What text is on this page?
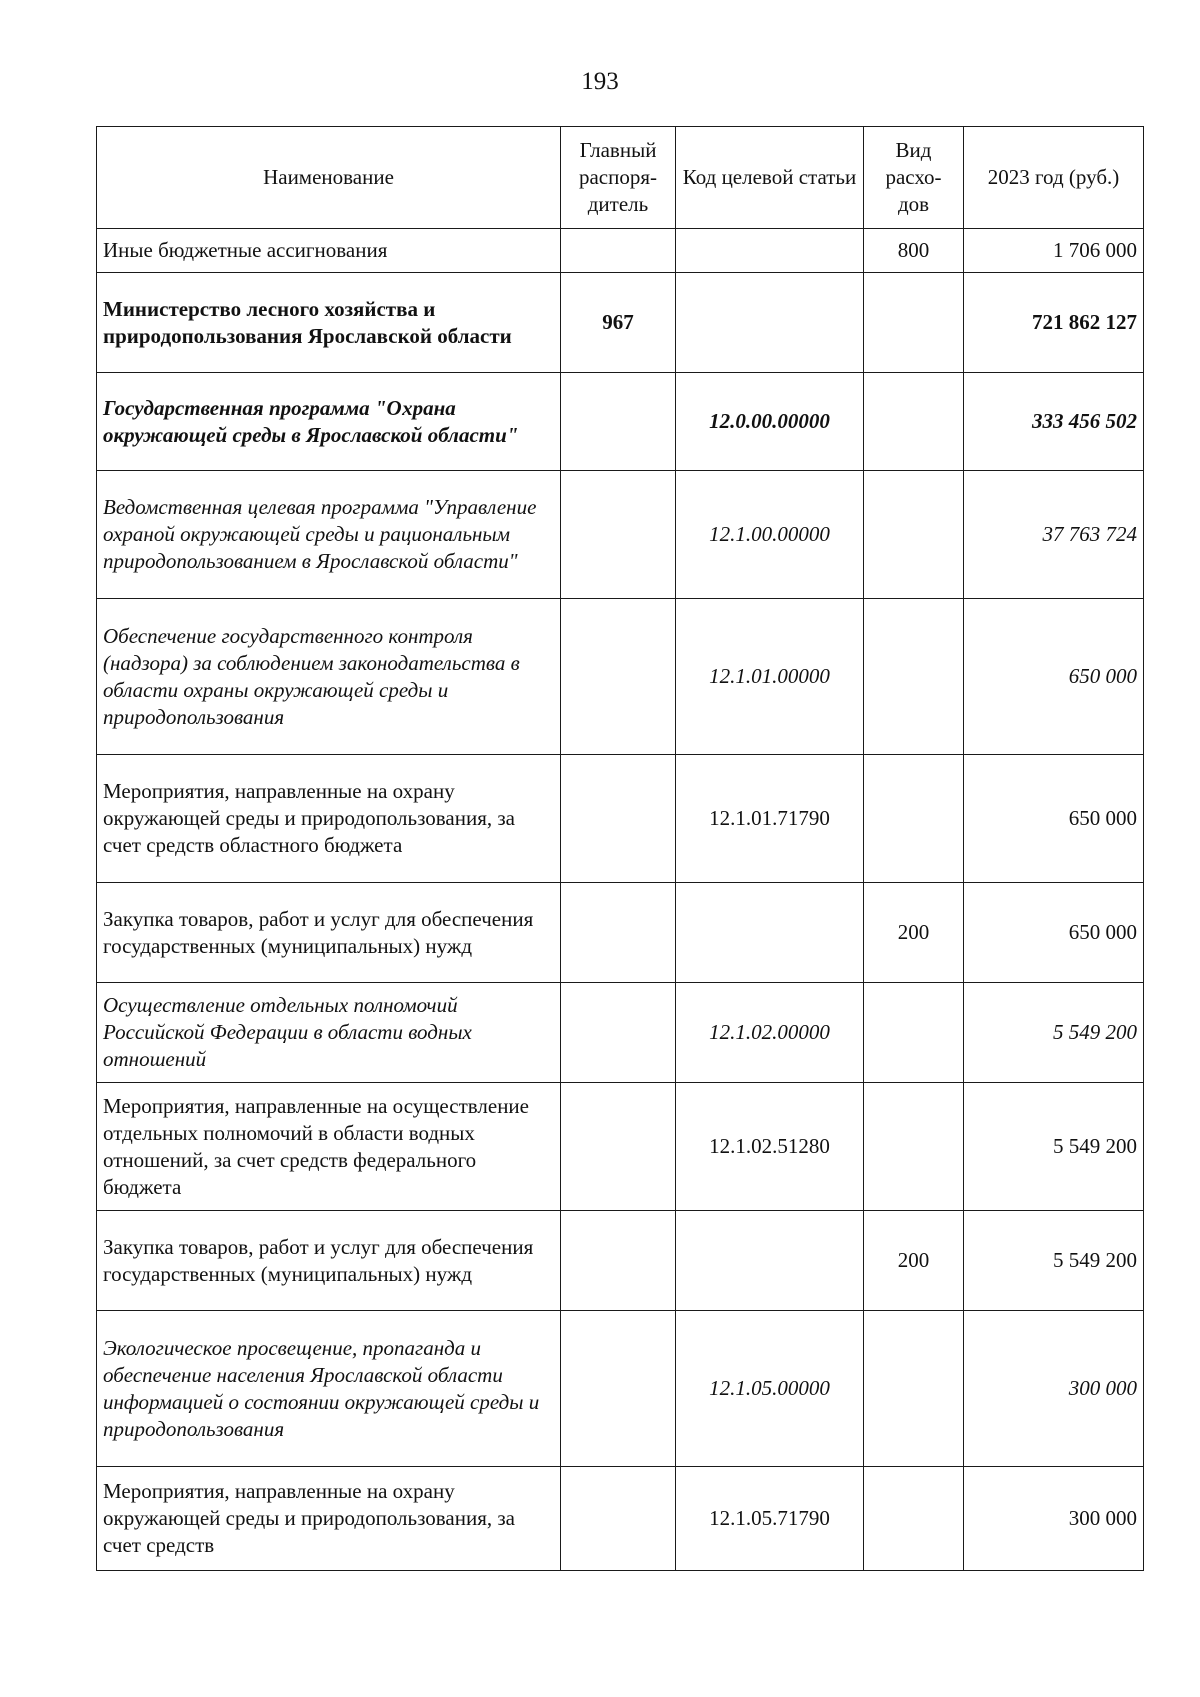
193
Наименование	Главный распоря-дитель	Код целевой статьи	Вид расхо-дов	2023 год (руб.)
Иные бюджетные ассигнования			800	1 706 000
Министерство лесного хозяйства и природопользования Ярославской области	967			721 862 127
Государственная программа "Охрана окружающей среды в Ярославской области"		12.0.00.00000		333 456 502
Ведомственная целевая программа "Управление охраной окружающей среды и рациональным природопользованием в Ярославской области"		12.1.00.00000		37 763 724
Обеспечение государственного контроля (надзора) за соблюдением законодательства в области охраны окружающей среды и природопользования		12.1.01.00000		650 000
Мероприятия, направленные на охрану окружающей среды и природопользования, за счет средств областного бюджета		12.1.01.71790		650 000
Закупка товаров, работ и услуг для обеспечения государственных (муниципальных) нужд			200	650 000
Осуществление отдельных полномочий Российской Федерации в области водных отношений		12.1.02.00000		5 549 200
Мероприятия, направленные на осуществление отдельных полномочий в области водных отношений, за счет средств федерального бюджета		12.1.02.51280		5 549 200
Закупка товаров, работ и услуг для обеспечения государственных (муниципальных) нужд			200	5 549 200
Экологическое просвещение, пропаганда и обеспечение населения Ярославской области информацией о состоянии окружающей среды и природопользования		12.1.05.00000		300 000
Мероприятия, направленные на охрану окружающей среды и природопользования, за счет средств		12.1.05.71790		300 000
